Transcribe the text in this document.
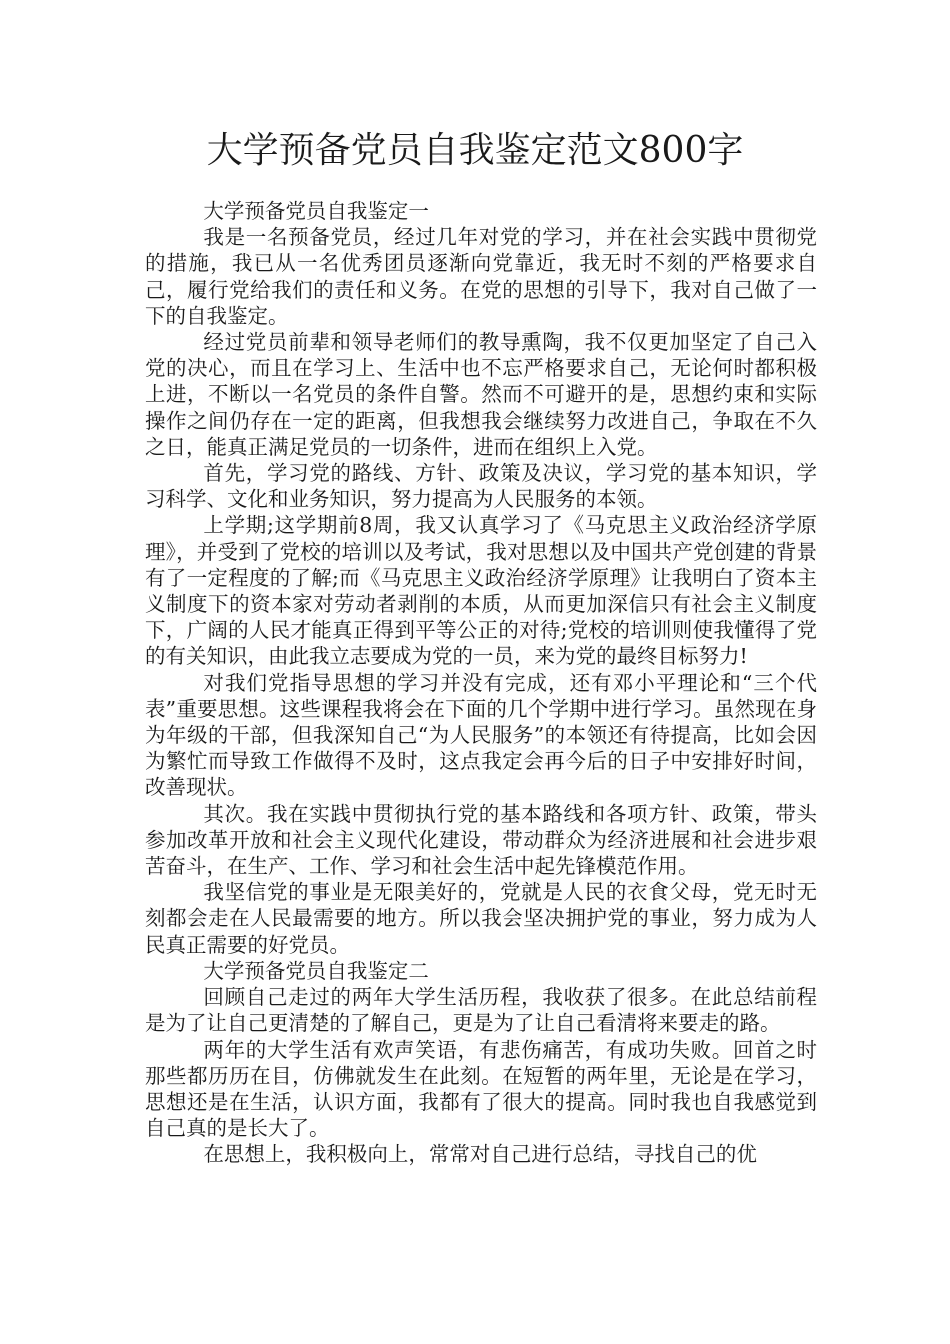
大学预备党员自我鉴定范文800字

大学预备党员自我鉴定一

我是一名预备党员，经过几年对党的学习，并在社会实践中贯彻党的措施，我已从一名优秀团员逐渐向党靠近，我无时不刻的严格要求自己，履行党给我们的责任和义务。在党的思想的引导下，我对自己做了一下的自我鉴定。

经过党员前辈和领导老师们的教导熏陶，我不仅更加坚定了自己入党的决心，而且在学习上、生活中也不忘严格要求自己，无论何时都积极上进，不断以一名党员的条件自警。然而不可避开的是，思想约束和实际操作之间仍存在一定的距离，但我想我会继续努力改进自己，争取在不久之日，能真正满足党员的一切条件，进而在组织上入党。

首先，学习党的路线、方针、政策及决议，学习党的基本知识，学习科学、文化和业务知识，努力提高为人民服务的本领。

上学期;这学期前8周，我又认真学习了《马克思主义政治经济学原理》，并受到了党校的培训以及考试，我对思想以及中国共产党创建的背景有了一定程度的了解;而《马克思主义政治经济学原理》让我明白了资本主义制度下的资本家对劳动者剥削的本质，从而更加深信只有社会主义制度下，广阔的人民才能真正得到平等公正的对待;党校的培训则使我懂得了党的有关知识，由此我立志要成为党的一员，来为党的最终目标努力!

对我们党指导思想的学习并没有完成，还有邓小平理论和“三个代表”重要思想。这些课程我将会在下面的几个学期中进行学习。虽然现在身为年级的干部，但我深知自己“为人民服务”的本领还有待提高，比如会因为繁忙而导致工作做得不及时，这点我定会再今后的日子中安排好时间，改善现状。

其次。我在实践中贯彻执行党的基本路线和各项方针、政策，带头参加改革开放和社会主义现代化建设，带动群众为经济进展和社会进步艰苦奋斗，在生产、工作、学习和社会生活中起先锋模范作用。

我坚信党的事业是无限美好的，党就是人民的衣食父母，党无时无刻都会走在人民最需要的地方。所以我会坚决拥护党的事业，努力成为人民真正需要的好党员。

大学预备党员自我鉴定二

回顾自己走过的两年大学生活历程，我收获了很多。在此总结前程是为了让自己更清楚的了解自己，更是为了让自己看清将来要走的路。

两年的大学生活有欢声笑语，有悲伤痛苦，有成功失败。回首之时那些都历历在目，仿佛就发生在此刻。在短暂的两年里，无论是在学习，思想还是在生活，认识方面，我都有了很大的提高。同时我也自我感觉到自己真的是长大了。

在思想上，我积极向上，常常对自己进行总结，寻找自己的优
